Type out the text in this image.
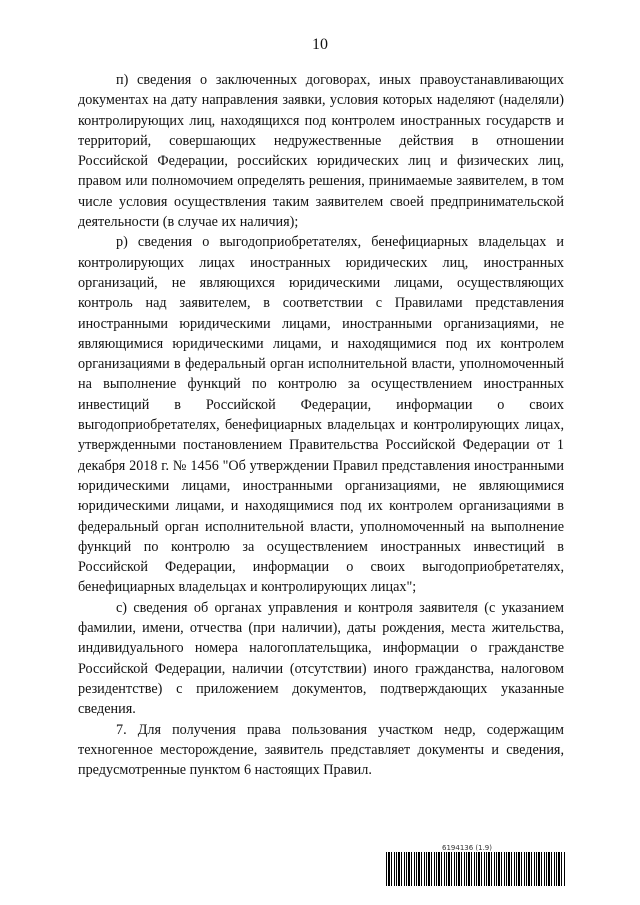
10

п) сведения о заключенных договорах, иных правоустанавливающих документах на дату направления заявки, условия которых наделяют (наделяли) контролирующих лиц, находящихся под контролем иностранных государств и территорий, совершающих недружественные действия в отношении Российской Федерации, российских юридических лиц и физических лиц, правом или полномочием определять решения, принимаемые заявителем, в том числе условия осуществления таким заявителем своей предпринимательской деятельности (в случае их наличия);

р) сведения о выгодоприобретателях, бенефициарных владельцах и контролирующих лицах иностранных юридических лиц, иностранных организаций, не являющихся юридическими лицами, осуществляющих контроль над заявителем, в соответствии с Правилами представления иностранными юридическими лицами, иностранными организациями, не являющимися юридическими лицами, и находящимися под их контролем организациями в федеральный орган исполнительной власти, уполномоченный на выполнение функций по контролю за осуществлением иностранных инвестиций в Российской Федерации, информации о своих выгодоприобретателях, бенефициарных владельцах и контролирующих лицах, утвержденными постановлением Правительства Российской Федерации от 1 декабря 2018 г. № 1456 "Об утверждении Правил представления иностранными юридическими лицами, иностранными организациями, не являющимися юридическими лицами, и находящимися под их контролем организациями в федеральный орган исполнительной власти, уполномоченный на выполнение функций по контролю за осуществлением иностранных инвестиций в Российской Федерации, информации о своих выгодоприобретателях, бенефициарных владельцах и контролирующих лицах";

с) сведения об органах управления и контроля заявителя (с указанием фамилии, имени, отчества (при наличии), даты рождения, места жительства, индивидуального номера налогоплательщика, информации о гражданстве Российской Федерации, наличии (отсутствии) иного гражданства, налоговом резидентстве) с приложением документов, подтверждающих указанные сведения.

7. Для получения права пользования участком недр, содержащим техногенное месторождение, заявитель представляет документы и сведения, предусмотренные пунктом 6 настоящих Правил.

6194136 (1.9)
